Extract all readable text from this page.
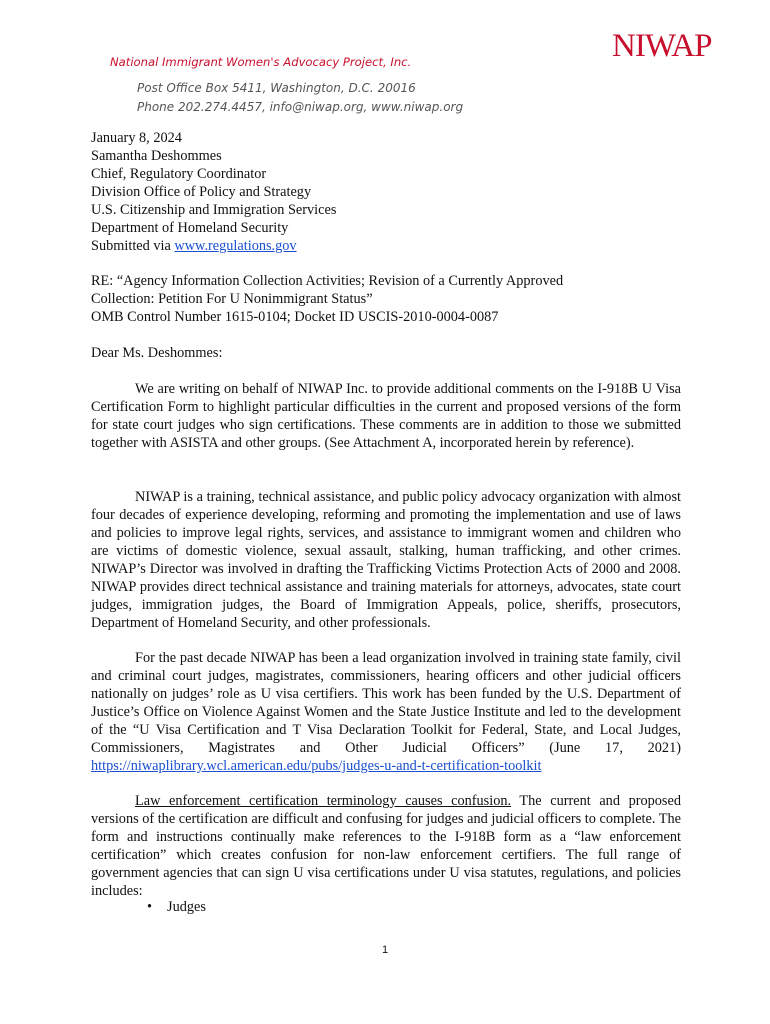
National Immigrant Women's Advocacy Project, Inc.	NIWAP
Post Office Box 5411, Washington, D.C. 20016
Phone 202.274.4457, info@niwap.org, www.niwap.org
January 8, 2024
Samantha Deshommes
Chief, Regulatory Coordinator
Division Office of Policy and Strategy
U.S. Citizenship and Immigration Services
Department of Homeland Security
Submitted via www.regulations.gov
RE: “Agency Information Collection Activities; Revision of a Currently Approved
Collection: Petition For U Nonimmigrant Status”
OMB Control Number 1615-0104; Docket ID USCIS-2010-0004-0087
Dear Ms. Deshommes:

We are writing on behalf of NIWAP Inc. to provide additional comments on the I-918B U Visa Certification Form to highlight particular difficulties in the current and proposed versions of the form for state court judges who sign certifications. These comments are in addition to those we submitted together with ASISTA and other groups. (See Attachment A, incorporated herein by reference).

NIWAP is a training, technical assistance, and public policy advocacy organization with almost four decades of experience developing, reforming and promoting the implementation and use of laws and policies to improve legal rights, services, and assistance to immigrant women and children who are victims of domestic violence, sexual assault, stalking, human trafficking, and other crimes. NIWAP’s Director was involved in drafting the Trafficking Victims Protection Acts of 2000 and 2008. NIWAP provides direct technical assistance and training materials for attorneys, advocates, state court judges, immigration judges, the Board of Immigration Appeals, police, sheriffs, prosecutors, Department of Homeland Security, and other professionals.

For the past decade NIWAP has been a lead organization involved in training state family, civil and criminal court judges, magistrates, commissioners, hearing officers and other judicial officers nationally on judges’ role as U visa certifiers. This work has been funded by the U.S. Department of Justice’s Office on Violence Against Women and the State Justice Institute and led to the development of the “U Visa Certification and T Visa Declaration Toolkit for Federal, State, and Local Judges, Commissioners, Magistrates and Other Judicial Officers” (June 17, 2021) https://niwaplibrary.wcl.american.edu/pubs/judges-u-and-t-certification-toolkit

Law enforcement certification terminology causes confusion. The current and proposed versions of the certification are difficult and confusing for judges and judicial officers to complete. The form and instructions continually make references to the I-918B form as a “law enforcement certification” which creates confusion for non-law enforcement certifiers. The full range of government agencies that can sign U visa certifications under U visa statutes, regulations, and policies includes:

• Judges
1
